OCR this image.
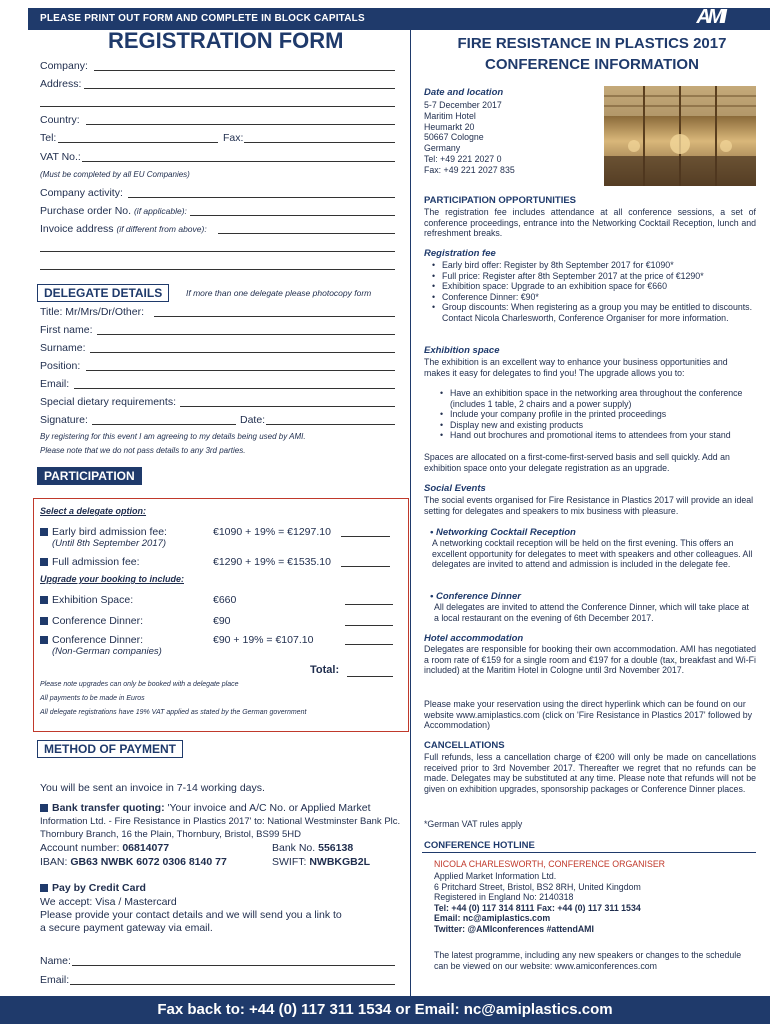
PLEASE PRINT OUT FORM AND COMPLETE IN BLOCK CAPITALS	AMI
REGISTRATION FORM
Company:
Address:
Country:
Tel:	Fax:
VAT No.:
(Must be completed by all EU Companies)
Company activity:
Purchase order No. (if applicable):
Invoice address (if different from above):
DELEGATE DETAILS	If more than one delegate please photocopy form
Title: Mr/Mrs/Dr/Other:
First name:
Surname:
Position:
Email:
Special dietary requirements:
Signature:	Date:
By registering for this event I am agreeing to my details being used by AMI.
Please note that we do not pass details to any 3rd parties.
PARTICIPATION
Select a delegate option:
Early bird admission fee:
(Until 8th September 2017)
€1090 + 19% = €1297.10
Full admission fee:	€1290 + 19% = €1535.10
Upgrade your booking to include:
Exhibition Space:	€660
Conference Dinner:	€90
Conference Dinner:
(Non-German companies)
€90 + 19% = €107.10
Total:
Please note upgrades can only be booked with a delegate place
All payments to be made in Euros
All delegate registrations have 19% VAT applied as stated by the German government
METHOD OF PAYMENT
You will be sent an invoice in 7-14 working days.
Bank transfer quoting: 'Your invoice and A/C No. or Applied Market
Information Ltd. - Fire Resistance in Plastics 2017' to: National Westminster Bank Plc.
Thornbury Branch, 16 the Plain, Thornbury, Bristol, BS99 5HD
Account number: 06814077	Bank No. 556138
IBAN: GB63 NWBK 6072 0306 8140 77	SWIFT: NWBKGB2L
Pay by Credit Card
We accept: Visa / Mastercard
Please provide your contact details and we will send you a link to
a secure payment gateway via email.
Name:
Email:
FIRE RESISTANCE IN PLASTICS 2017
CONFERENCE INFORMATION
Date and location
5-7 December 2017
Maritim Hotel
Heumarkt 20
50667 Cologne
Germany
Tel: +49 221 2027 0
Fax: +49 221 2027 835
PARTICIPATION OPPORTUNITIES
The registration fee includes attendance at all conference sessions, a set of conference proceedings, entrance into the Networking Cocktail Reception, lunch and refreshment breaks.
Registration fee
• Early bird offer: Register by 8th September 2017 for €1090*
• Full price: Register after 8th September 2017 at the price of €1290*
• Exhibition space: Upgrade to an exhibition space for €660
• Conference Dinner: €90*
• Group discounts: When registering as a group you may be entitled to discounts. Contact Nicola Charlesworth, Conference Organiser for more information.
Exhibition space
The exhibition is an excellent way to enhance your business opportunities and makes it easy for delegates to find you! The upgrade allows you to:
• Have an exhibition space in the networking area throughout the conference (includes 1 table, 2 chairs and a power supply)
• Include your company profile in the printed proceedings
• Display new and existing products
• Hand out brochures and promotional items to attendees from your stand
Spaces are allocated on a first-come-first-served basis and sell quickly. Add an exhibition space onto your delegate registration as an upgrade.
Social Events
The social events organised for Fire Resistance in Plastics 2017 will provide an ideal setting for delegates and speakers to mix business with pleasure.
• Networking Cocktail Reception
A networking cocktail reception will be held on the first evening. This offers an excellent opportunity for delegates to meet with speakers and other colleagues. All delegates are invited to attend and admission is included in the delegate fee.
• Conference Dinner
All delegates are invited to attend the Conference Dinner, which will take place at a local restaurant on the evening of 6th December 2017.
Hotel accommodation
Delegates are responsible for booking their own accommodation. AMI has negotiated a room rate of €159 for a single room and €197 for a double (tax, breakfast and Wi-Fi included) at the Maritim Hotel in Cologne until 3rd November 2017.
Please make your reservation using the direct hyperlink which can be found on our website www.amiplastics.com (click on 'Fire Resistance in Plastics 2017' followed by Accommodation)
CANCELLATIONS
Full refunds, less a cancellation charge of €200 will only be made on cancellations received prior to 3rd November 2017. Thereafter we regret that no refunds can be made. Delegates may be substituted at any time. Please note that refunds will not be given on exhibition upgrades, sponsorship packages or Conference Dinner places.
*German VAT rules apply
CONFERENCE HOTLINE
NICOLA CHARLESWORTH, CONFERENCE ORGANISER
Applied Market Information Ltd.
6 Pritchard Street, Bristol, BS2 8RH, United Kingdom
Registered in England No: 2140318
Tel: +44 (0) 117 314 8111 Fax: +44 (0) 117 311 1534
Email: nc@amiplastics.com
Twitter: @AMIconferences #attendAMI
The latest programme, including any new speakers or changes to the schedule can be viewed on our website: www.amiconferences.com
Fax back to: +44 (0) 117 311 1534 or Email: nc@amiplastics.com
